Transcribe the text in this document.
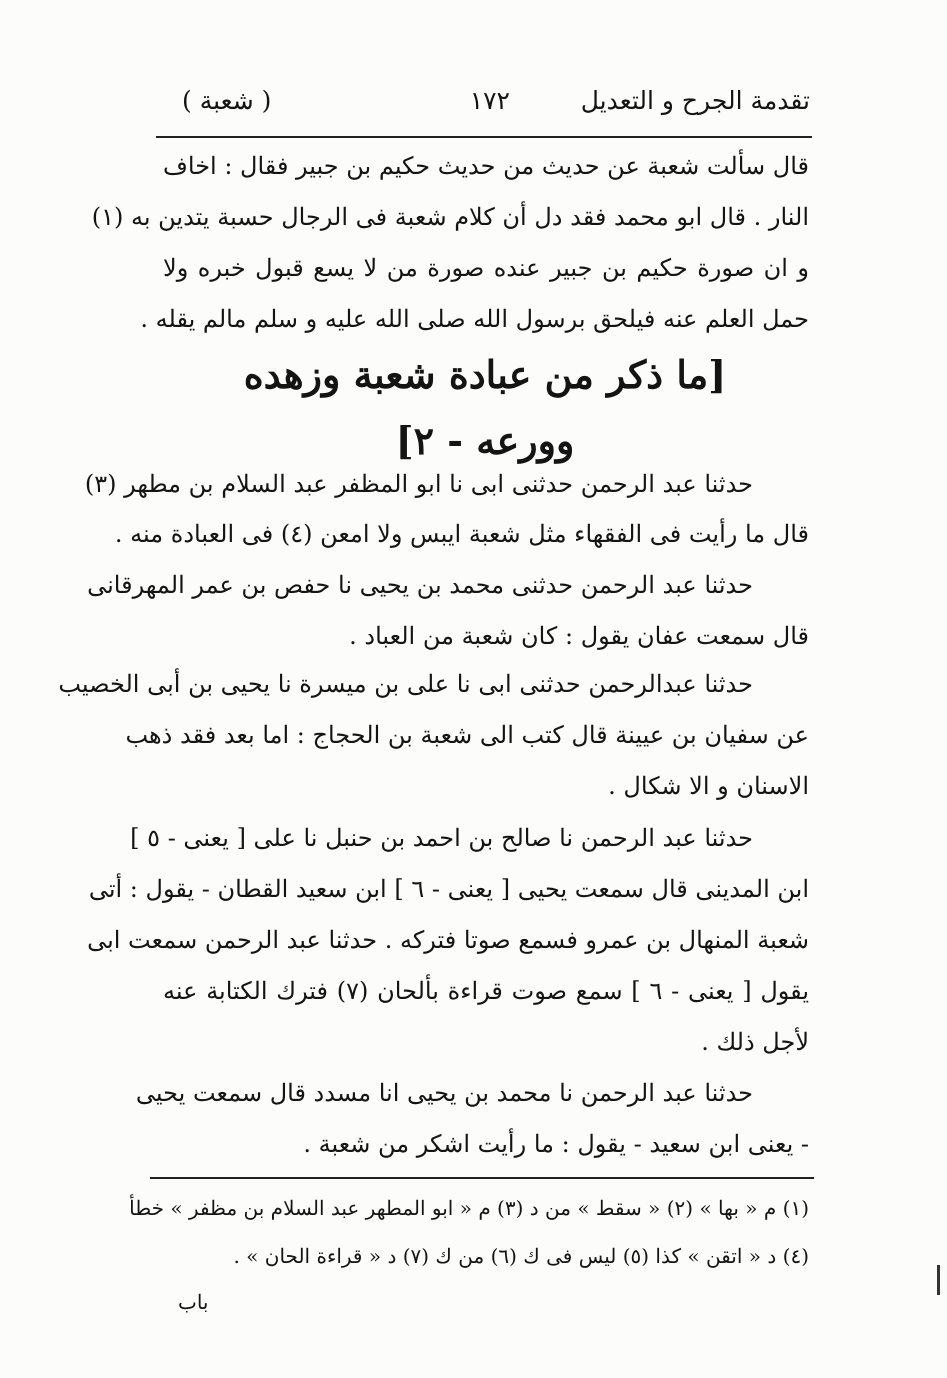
تقدمة الجرح و التعديل
١٧٢
( شعبة )
قال سألت شعبة عن حديث من حديث حكيم بن جبير فقال : اخاف
النار . قال ابو محمد فقد دل أن كلام شعبة فى الرجال حسبة يتدين به (١)
و ان صورة حكيم بن جبير عنده صورة من لا يسع قبول خبره ولا
حمل العلم عنه فيلحق برسول الله صلى الله عليه و سلم مالم يقله .
[ما ذكر من عبادة شعبة وزهده
وورعه - ٢]
حدثنا عبد الرحمن حدثنى ابى نا ابو المظفر عبد السلام بن مطهر (٣)
قال ما رأيت فى الفقهاء مثل شعبة ايبس ولا امعن (٤) فى العبادة منه .
حدثنا عبد الرحمن حدثنى محمد بن يحيى نا حفص بن عمر المهرقانى
قال سمعت عفان يقول : كان شعبة من العباد .
حدثنا عبدالرحمن حدثنى ابى نا على بن ميسرة نا يحيى بن أبى الخصيب
عن سفيان بن عيينة قال كتب الى شعبة بن الحجاج : اما بعد فقد ذهب
الاسنان و الا شكال .
حدثنا عبد الرحمن نا صالح بن احمد بن حنبل نا على [ يعنى - ٥ ]
ابن المدينى قال سمعت يحيى [ يعنى - ٦ ] ابن سعيد القطان - يقول : أتى
شعبة المنهال بن عمرو فسمع صوتا فتركه . حدثنا عبد الرحمن سمعت ابى
يقول [ يعنى - ٦ ] سمع صوت قراءة بألحان (٧) فترك الكتابة عنه
لأجل ذلك .
حدثنا عبد الرحمن نا محمد بن يحيى انا مسدد قال سمعت يحيى
- يعنى ابن سعيد - يقول : ما رأيت اشكر من شعبة .
(١) م « بها » (٢) « سقط » من د (٣) م « ابو المطهر عبد السلام بن مظفر » خطأ
(٤) د « اتقن » كذا (٥) ليس فى ك (٦) من ك (٧) د « قراءة الحان » .
باب
